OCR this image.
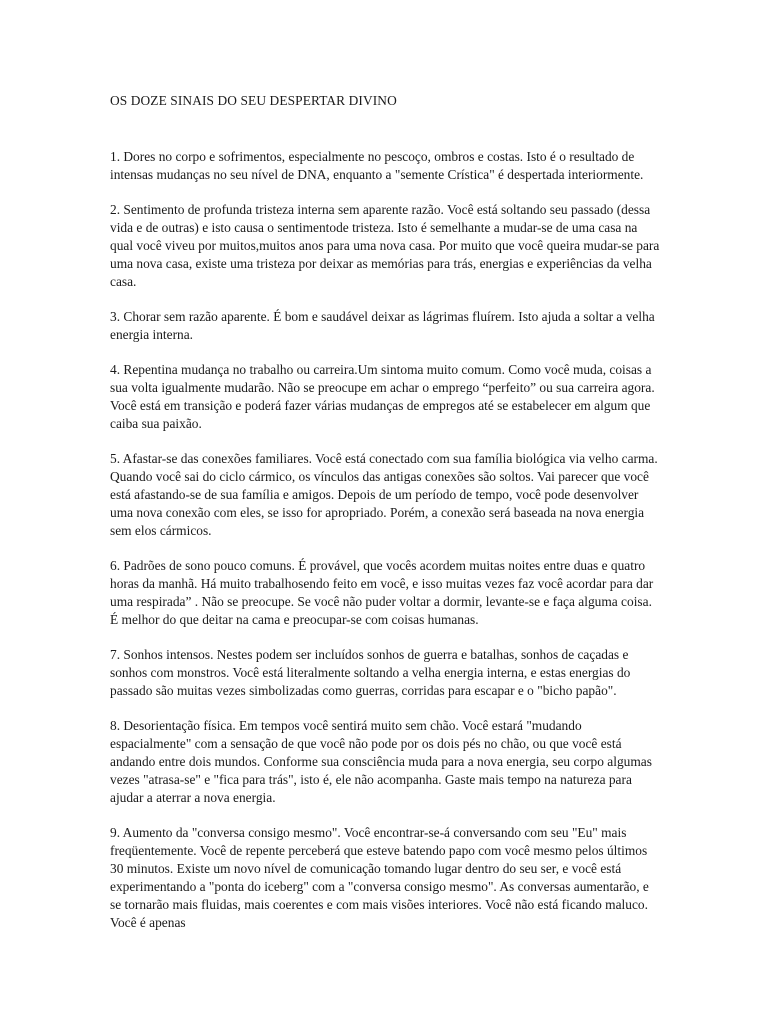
OS DOZE SINAIS DO SEU DESPERTAR DIVINO

1. Dores no corpo e sofrimentos, especialmente no pescoço, ombros e costas. Isto é o resultado de intensas mudanças no seu nível de DNA, enquanto a "semente Crística" é despertada interiormente.

2. Sentimento de profunda tristeza interna sem aparente razão. Você está soltando seu passado (dessa vida e de outras) e isto causa o sentimentode tristeza. Isto é semelhante a mudar-se de uma casa na qual você viveu por muitos,muitos anos para uma nova casa. Por muito que você queira mudar-se para uma nova casa, existe uma tristeza por deixar as memórias para trás, energias e experiências da velha casa.

3. Chorar sem razão aparente. É bom e saudável deixar as lágrimas fluírem. Isto ajuda a soltar a velha energia interna.

4. Repentina mudança no trabalho ou carreira.Um sintoma muito comum. Como você muda, coisas a sua volta igualmente mudarão. Não se preocupe em achar o emprego “perfeito” ou sua carreira agora. Você está em transição e poderá fazer várias mudanças de empregos até se estabelecer em algum que caiba sua paixão.

5. Afastar-se das conexões familiares. Você está conectado com sua família biológica via velho carma. Quando você sai do ciclo cármico, os vínculos das antigas conexões são soltos. Vai parecer que você está afastando-se de sua família e amigos. Depois de um período de tempo, você pode desenvolver uma nova conexão com eles, se isso for apropriado. Porém, a conexão será baseada na nova energia sem elos cármicos.

6. Padrões de sono pouco comuns. É provável, que vocês acordem muitas noites entre duas e quatro horas da manhã. Há muito trabalhosendo feito em você, e isso muitas vezes faz você acordar para dar uma respirada” . Não se preocupe. Se você não puder voltar a dormir, levante-se e faça alguma coisa. É melhor do que deitar na cama e preocupar-se com coisas humanas.

7. Sonhos intensos. Nestes podem ser incluídos sonhos de guerra e batalhas, sonhos de caçadas e sonhos com monstros. Você está literalmente soltando a velha energia interna, e estas energias do passado são muitas vezes simbolizadas como guerras, corridas para escapar e o "bicho papão".

8. Desorientação física. Em tempos você sentirá muito sem chão. Você estará "mudando espacialmente" com a sensação de que você não pode por os dois pés no chão, ou que você está andando entre dois mundos. Conforme sua consciência muda para a nova energia, seu corpo algumas vezes "atrasa-se" e "fica para trás", isto é, ele não acompanha. Gaste mais tempo na natureza para ajudar a aterrar a nova energia.

9. Aumento da "conversa consigo mesmo". Você encontrar-se-á conversando com seu "Eu" mais freqüentemente. Você de repente perceberá que esteve batendo papo com você mesmo pelos últimos 30 minutos. Existe um novo nível de comunicação tomando lugar dentro do seu ser, e você está experimentando a "ponta do iceberg" com a "conversa consigo mesmo". As conversas aumentarão, e se tornarão mais fluidas, mais coerentes e com mais visões interiores. Você não está ficando maluco. Você é apenas
